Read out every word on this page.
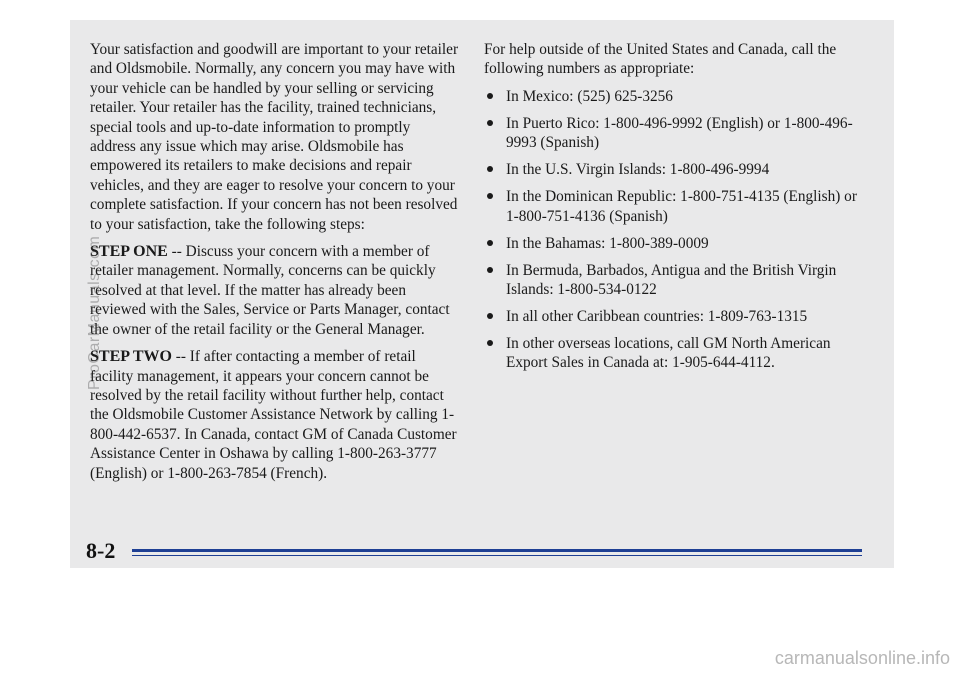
Your satisfaction and goodwill are important to your retailer and Oldsmobile. Normally, any concern you may have with your vehicle can be handled by your selling or servicing retailer. Your retailer has the facility, trained technicians, special tools and up-to-date information to promptly address any issue which may arise. Oldsmobile has empowered its retailers to make decisions and repair vehicles, and they are eager to resolve your concern to your complete satisfaction. If your concern has not been resolved to your satisfaction, take the following steps:

STEP ONE -- Discuss your concern with a member of retailer management. Normally, concerns can be quickly resolved at that level. If the matter has already been reviewed with the Sales, Service or Parts Manager, contact the owner of the retail facility or the General Manager.

STEP TWO -- If after contacting a member of retail facility management, it appears your concern cannot be resolved by the retail facility without further help, contact the Oldsmobile Customer Assistance Network by calling 1-800-442-6537. In Canada, contact GM of Canada Customer Assistance Center in Oshawa by calling 1-800-263-3777 (English) or 1-800-263-7854 (French).

For help outside of the United States and Canada, call the following numbers as appropriate:

In Mexico: (525) 625-3256
In Puerto Rico: 1-800-496-9992 (English) or 1-800-496-9993 (Spanish)
In the U.S. Virgin Islands: 1-800-496-9994
In the Dominican Republic: 1-800-751-4135 (English) or 1-800-751-4136 (Spanish)
In the Bahamas: 1-800-389-0009
In Bermuda, Barbados, Antigua and the British Virgin Islands: 1-800-534-0122
In all other Caribbean countries: 1-809-763-1315
In other overseas locations, call GM North American Export Sales in Canada at: 1-905-644-4112.
8-2
ProCarManuals.com
carmanualsonline.info
